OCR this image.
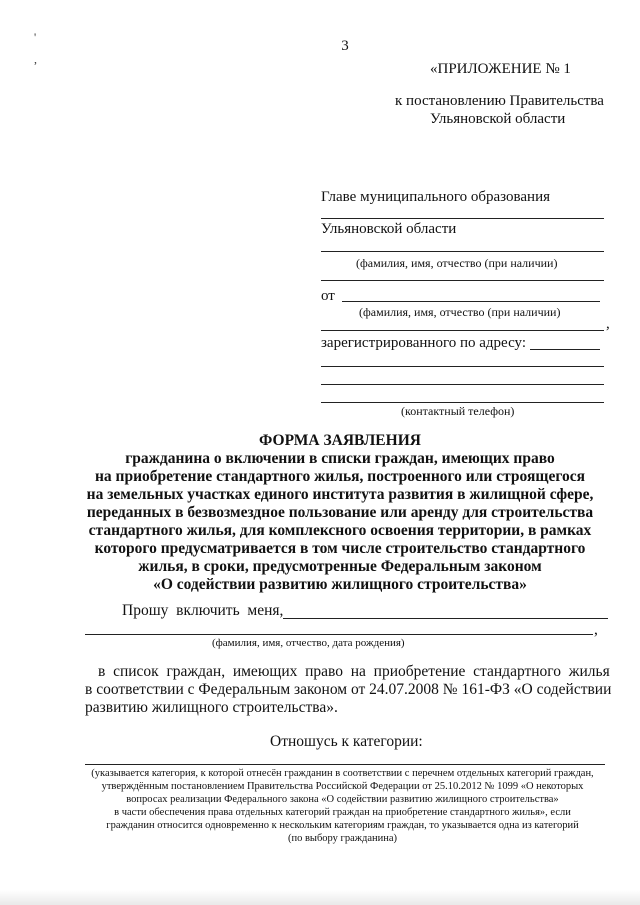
'
,
3
«ПРИЛОЖЕНИЕ № 1
к постановлению Правительства
Ульяновской области
Главе муниципального образования
Ульяновской области
(фамилия, имя, отчество (при наличии)
от
(фамилия, имя, отчество (при наличии)
,
зарегистрированного по адресу:
(контактный телефон)
ФОРМА ЗАЯВЛЕНИЯ
гражданина о включении в списки граждан, имеющих право
на приобретение стандартного жилья, построенного или строящегося
на земельных участках единого института развития в жилищной сфере,
переданных в безвозмездное пользование или аренду для строительства
стандартного жилья, для комплексного освоения территории, в рамках
которого предусматривается в том числе строительство стандартного
жилья, в сроки, предусмотренные Федеральным законом
«О содействии развитию жилищного строительства»
Прошу  включить  меня,
,
(фамилия, имя, отчество, дата рождения)
в  список  граждан,  имеющих  право  на  приобретение  стандартного  жилья
в соответствии с Федеральным законом от 24.07.2008 № 161-ФЗ «О содействии
развитию жилищного строительства».
Отношусь к категории:
(указывается категория, к которой отнесён гражданин в соответствии с перечнем отдельных категорий граждан,
утверждённым постановлением Правительства Российской Федерации от 25.10.2012 № 1099 «О некоторых
вопросах реализации Федерального закона «О содействии развитию жилищного строительства»
в части обеспечения права отдельных категорий граждан на приобретение стандартного жилья», если
гражданин относится одновременно к нескольким категориям граждан, то указывается одна из категорий
(по выбору гражданина)
